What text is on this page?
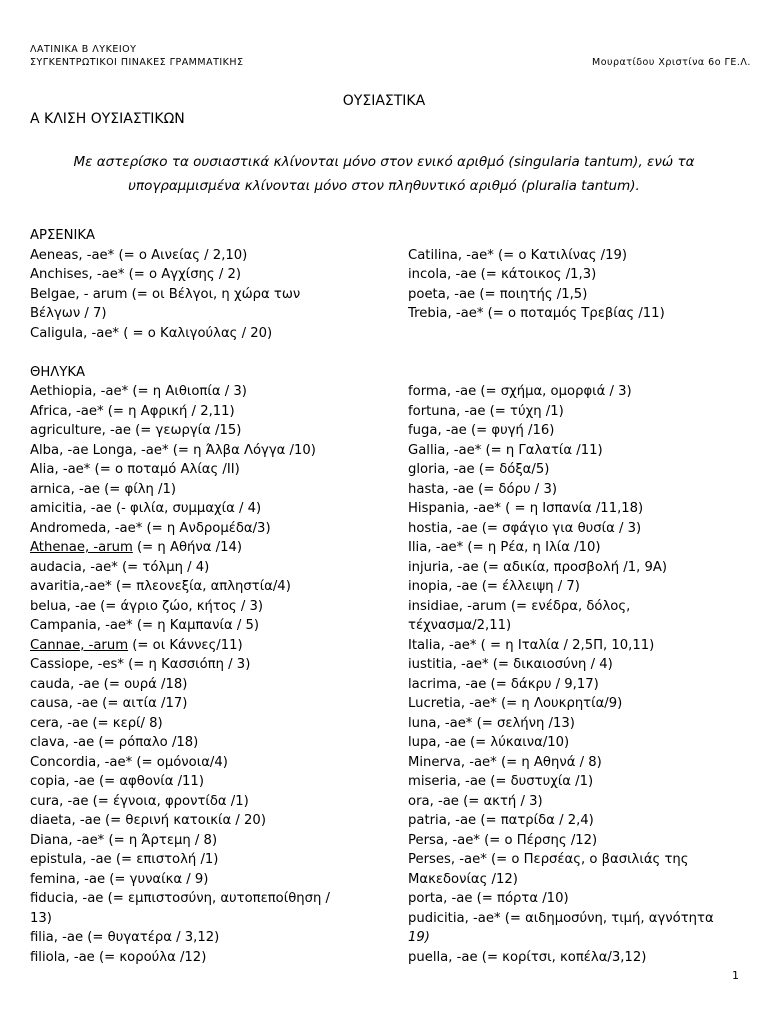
ΛΑΤΙΝΙΚΑ Β ΛΥΚΕΙΟΥ
ΣΥΓΚΕΝΤΡΩΤΙΚΟΙ ΠΙΝΑΚΕΣ ΓΡΑΜΜΑΤΙΚΗΣ	Μουρατίδου Χριστίνα 6ο ΓΕ.Λ.
ΟΥΣΙΑΣΤΙΚΑ
Α ΚΛΙΣΗ ΟΥΣΙΑΣΤΙΚΩΝ
Με αστερίσκο τα ουσιαστικά κλίνονται μόνο στον ενικό αριθμό (singularia tantum), ενώ τα
υπογραμμισμένα κλίνονται μόνο στον πληθυντικό αριθμό (pluralia tantum).
ΑΡΣΕΝΙΚΑ
Aeneas, -ae* (= ο Αινείας / 2,10)
Anchises, -ae* (= ο Αγχίσης / 2)
Belgae, - arum (= οι Βέλγοι, η χώρα των
Βέλγων / 7)
Caligula, -ae* ( = ο Καλιγούλας / 20)
ΘΗΛΥΚΑ
Aethiopia, -ae* (= η Αιθιοπία / 3)
Africa, -ae* (= η Αφρική / 2,11)
agriculture, -ae (= γεωργία /15)
Alba, -ae Longa, -ae* (= η Άλβα Λόγγα /10)
Alia, -ae* (= ο ποταμό Αλίας /ΙΙ)
arnica, -ae (= φίλη /1)
amicitia, -ae (- φιλία, συμμαχία / 4)
Andromeda, -ae* (= η Ανδρομέδα/3)
Athenae, -arum (= η Αθήνα /14)
audacia, -ae* (= τόλμη / 4)
avaritia,-ae* (= πλεονεξία, απληστία/4)
belua, -ae (= άγριο ζώο, κήτος / 3)
Campania, -ae* (= η Καμπανία / 5)
Cannae, -arum (= οι Κάννες/11)
Cassiope, -es* (= η Κασσιόπη / 3)
cauda, -ae (= ουρά /18)
causa, -ae (= αιτία /17)
cera, -ae (= κερί/ 8)
clava, -ae (= ρόπαλο /18)
Concordia, -ae* (= ομόνοια/4)
copia, -ae (= αφθονία /11)
cura, -ae (= έγνοια, φροντίδα /1)
diaeta, -ae (= θερινή κατοικία / 20)
Diana, -ae* (= η Άρτεμη / 8)
epistula, -ae (= επιστολή /1)
femina, -ae (= γυναίκα / 9)
fiducia, -ae (= εμπιστοσύνη, αυτοπεποίθηση /
13)
filia, -ae (= θυγατέρα / 3,12)
filiola, -ae (= κορούλα /12)
Catilina, -ae* (= ο Κατιλίνας /19)
incola, -ae (= κάτοικος /1,3)
poeta, -ae (= ποιητής /1,5)
Trebia, -ae* (= ο ποταμός Τρεβίας /11)
forma, -ae (= σχήμα, ομορφιά / 3)
fortuna, -ae (= τύχη /1)
fuga, -ae (= φυγή /16)
Gallia, -ae* (= η Γαλατία /11)
gloria, -ae (= δόξα/5)
hasta, -ae (= δόρυ / 3)
Hispania, -ae* ( = η Ισπανία /11,18)
hostia, -ae (= σφάγιο για θυσία / 3)
Ilia, -ae* (= η Ρέα, η Ιλία /10)
injuria, -ae (= αδικία, προσβολή /1, 9Α)
inopia, -ae (= έλλειψη / 7)
insidiae, -arum (= ενέδρα, δόλος,
τέχνασμα/2,11)
Italia, -ae* ( = η Ιταλία / 2,5Π, 10,11)
iustitia, -ae* (= δικαιοσύνη / 4)
lacrima, -ae (= δάκρυ / 9,17)
Lucretia, -ae* (= η Λουκρητία/9)
luna, -ae* (= σελήνη /13)
lupa, -ae (= λύκαινα/10)
Minerva, -ae* (= η Αθηνά / 8)
miseria, -ae (= δυστυχία /1)
ora, -ae (= ακτή / 3)
patria, -ae (= πατρίδα / 2,4)
Persa, -ae* (= ο Πέρσης /12)
Perses, -ae* (= ο Περσέας, ο βασιλιάς της
Μακεδονίας /12)
porta, -ae (= πόρτα /10)
pudicitia, -ae* (= αιδημοσύνη, τιμή, αγνότητα
19)
puella, -ae (= κορίτσι, κοπέλα/3,12)
1
